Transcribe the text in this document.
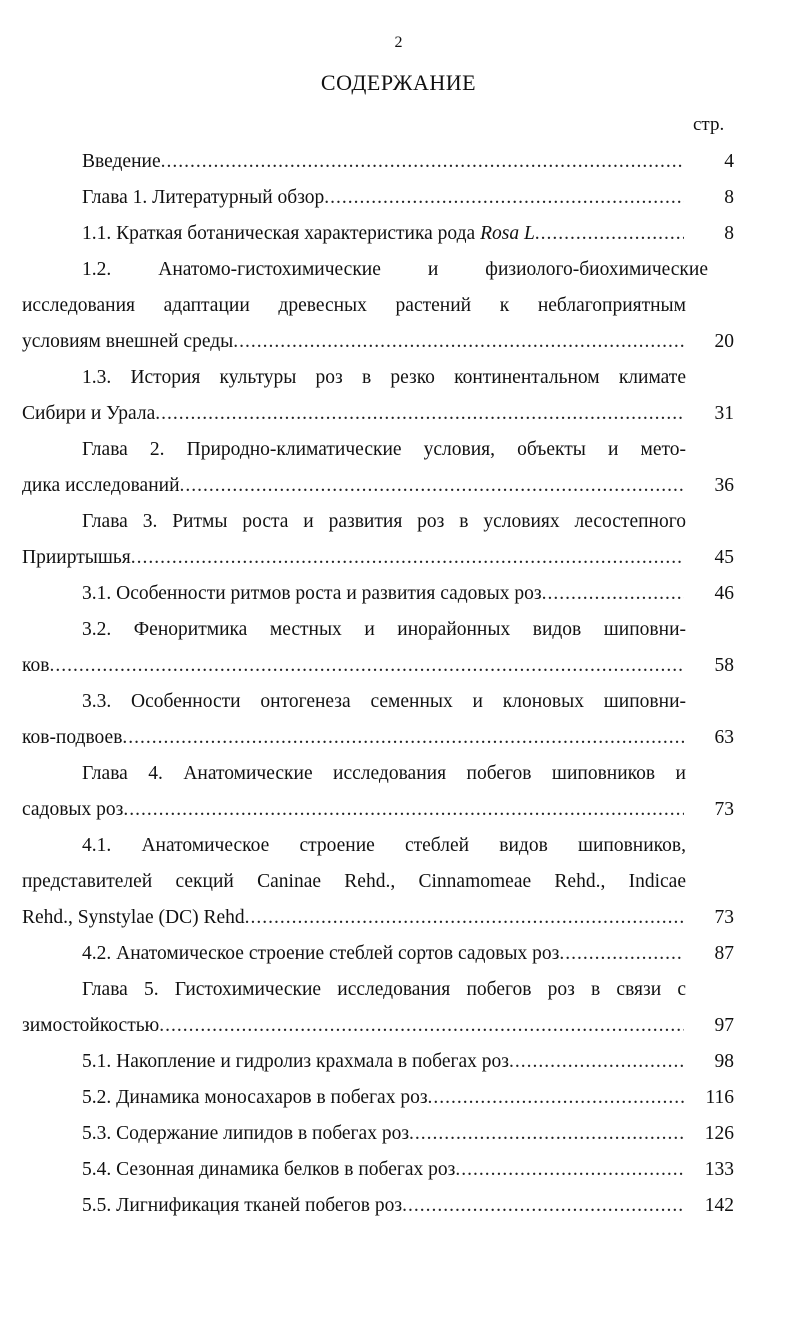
2
СОДЕРЖАНИЕ
стр.
Введение .....	4
Глава 1. Литературный обзор .....	8
1.1. Краткая ботаническая характеристика рода Rosa L .....	8
1.2. Анатомо-гистохимические и физиолого-биохимические
исследования адаптации древесных растений к неблагоприятным
условиям внешней среды .....	20
1.3. История культуры роз в резко континентальном климате
Сибири и Урала .....	31
Глава 2. Природно-климатические условия, объекты и мето-
дика исследований .....	36
Глава 3. Ритмы роста и развития роз в условиях лесостепного
Прииртышья .....	45
3.1. Особенности ритмов роста и развития садовых роз .....	46
3.2. Феноритмика местных и инорайонных видов шиповни-
ков .....	58
3.3. Особенности онтогенеза семенных и клоновых шиповни-
ков-подвоев .....	63
Глава 4. Анатомические исследования побегов шиповников и
садовых роз .....	73
4.1. Анатомическое строение стеблей видов шиповников,
представителей секций Caninae Rehd., Cinnamomeae Rehd., Indicae
Rehd., Synstylae (DC) Rehd .....	73
4.2. Анатомическое строение стеблей сортов садовых роз .....	87
Глава 5. Гистохимические исследования побегов роз в связи с
зимостойкостью .....	97
5.1. Накопление и гидролиз крахмала в побегах роз .....	98
5.2. Динамика моносахаров в побегах роз .....	116
5.3. Содержание липидов в побегах роз .....	126
5.4. Сезонная динамика белков в побегах роз .....	133
5.5. Лигнификация тканей побегов роз .....	142
